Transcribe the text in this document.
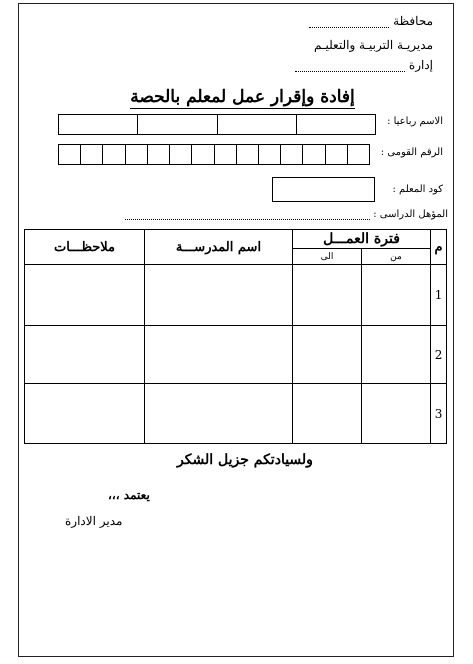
محافظة
مديريـة التربيـة والتعليـم
إدارة
إفادة وإقرار عمل لمعلم بالحصة
الاسم رباعيا :
الرقم القومى :
كود المعلم :
المؤهل الدراسى :
ملاحظـــات	اسم المدرســـة	فترة العمـــل		م
		الى	من	
				1
				2
				3
ولسيادتكم جزيل الشكر
يعتمد ،،،
مدير الادارة
